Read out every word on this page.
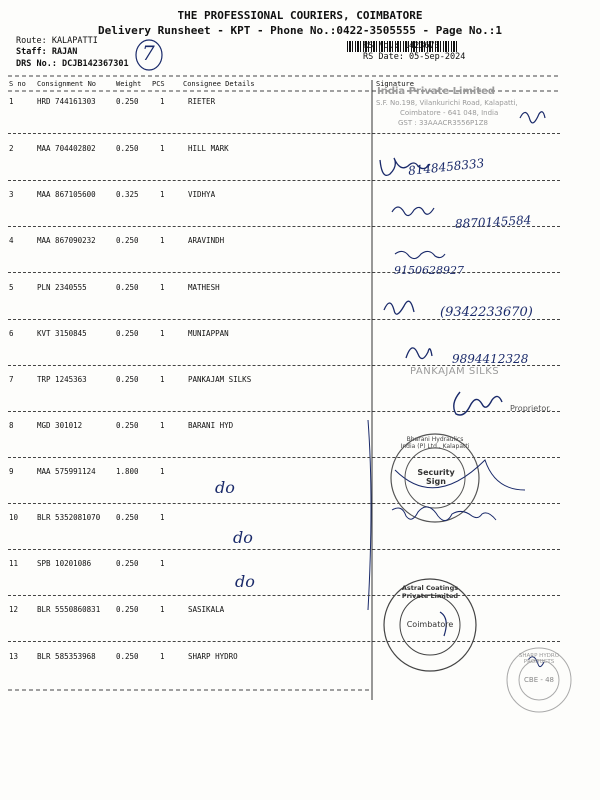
THE PROFESSIONAL COURIERS, COIMBATORE
Delivery Runsheet - KPT - Phone No.:0422-3505555 - Page No.:1
Route: KALAPATTI
Staff: RAJAN
DRS No.: DCJB142367301
RS No.: 1423673
RS Date: 05-Sep-2024
7
S no Consignment No	Weight PCS	Consignee Details	Signature
1	HRD 744161303	0.250	1	RIETER
2	MAA 704402802	0.250	1	HILL MARK
3	MAA 867105600	0.325	1	VIDHYA
4	MAA 867090232	0.250	1	ARAVINDH
5	PLN 2340555	0.250	1	MATHESH
6	KVT 3150845	0.250	1	MUNIAPPAN
7	TRP 1245363	0.250	1	PANKAJAM SILKS
8	MGD 301012	0.250	1	BARANI HYD
9	MAA 575991124	1.800	1
10	BLR 5352081070 0.250	1
11	SPB 10201086	0.250	1
12	BLR 5550860831 0.250	1	SASIKALA
13	BLR 585353968	0.250	1	SHARP HYDRO
do
do
do
India Private Limited
S.F. No.198, Vilankurichi Road, Kalapatti,
Coimbatore - 641 048, India
GST : 33AAACR3556P1Z8
8148458333
8870145584
9150628927
(9342233670)
9894412328
PANKAJAM SILKS
Proprietor.
Bharani Hydraulics India (P) Ltd., Kalapatti
Security Sign
Astral Coatings Private Limited
Coimbatore
SHARP HYDRO PRODUCTS
CBE - 48
